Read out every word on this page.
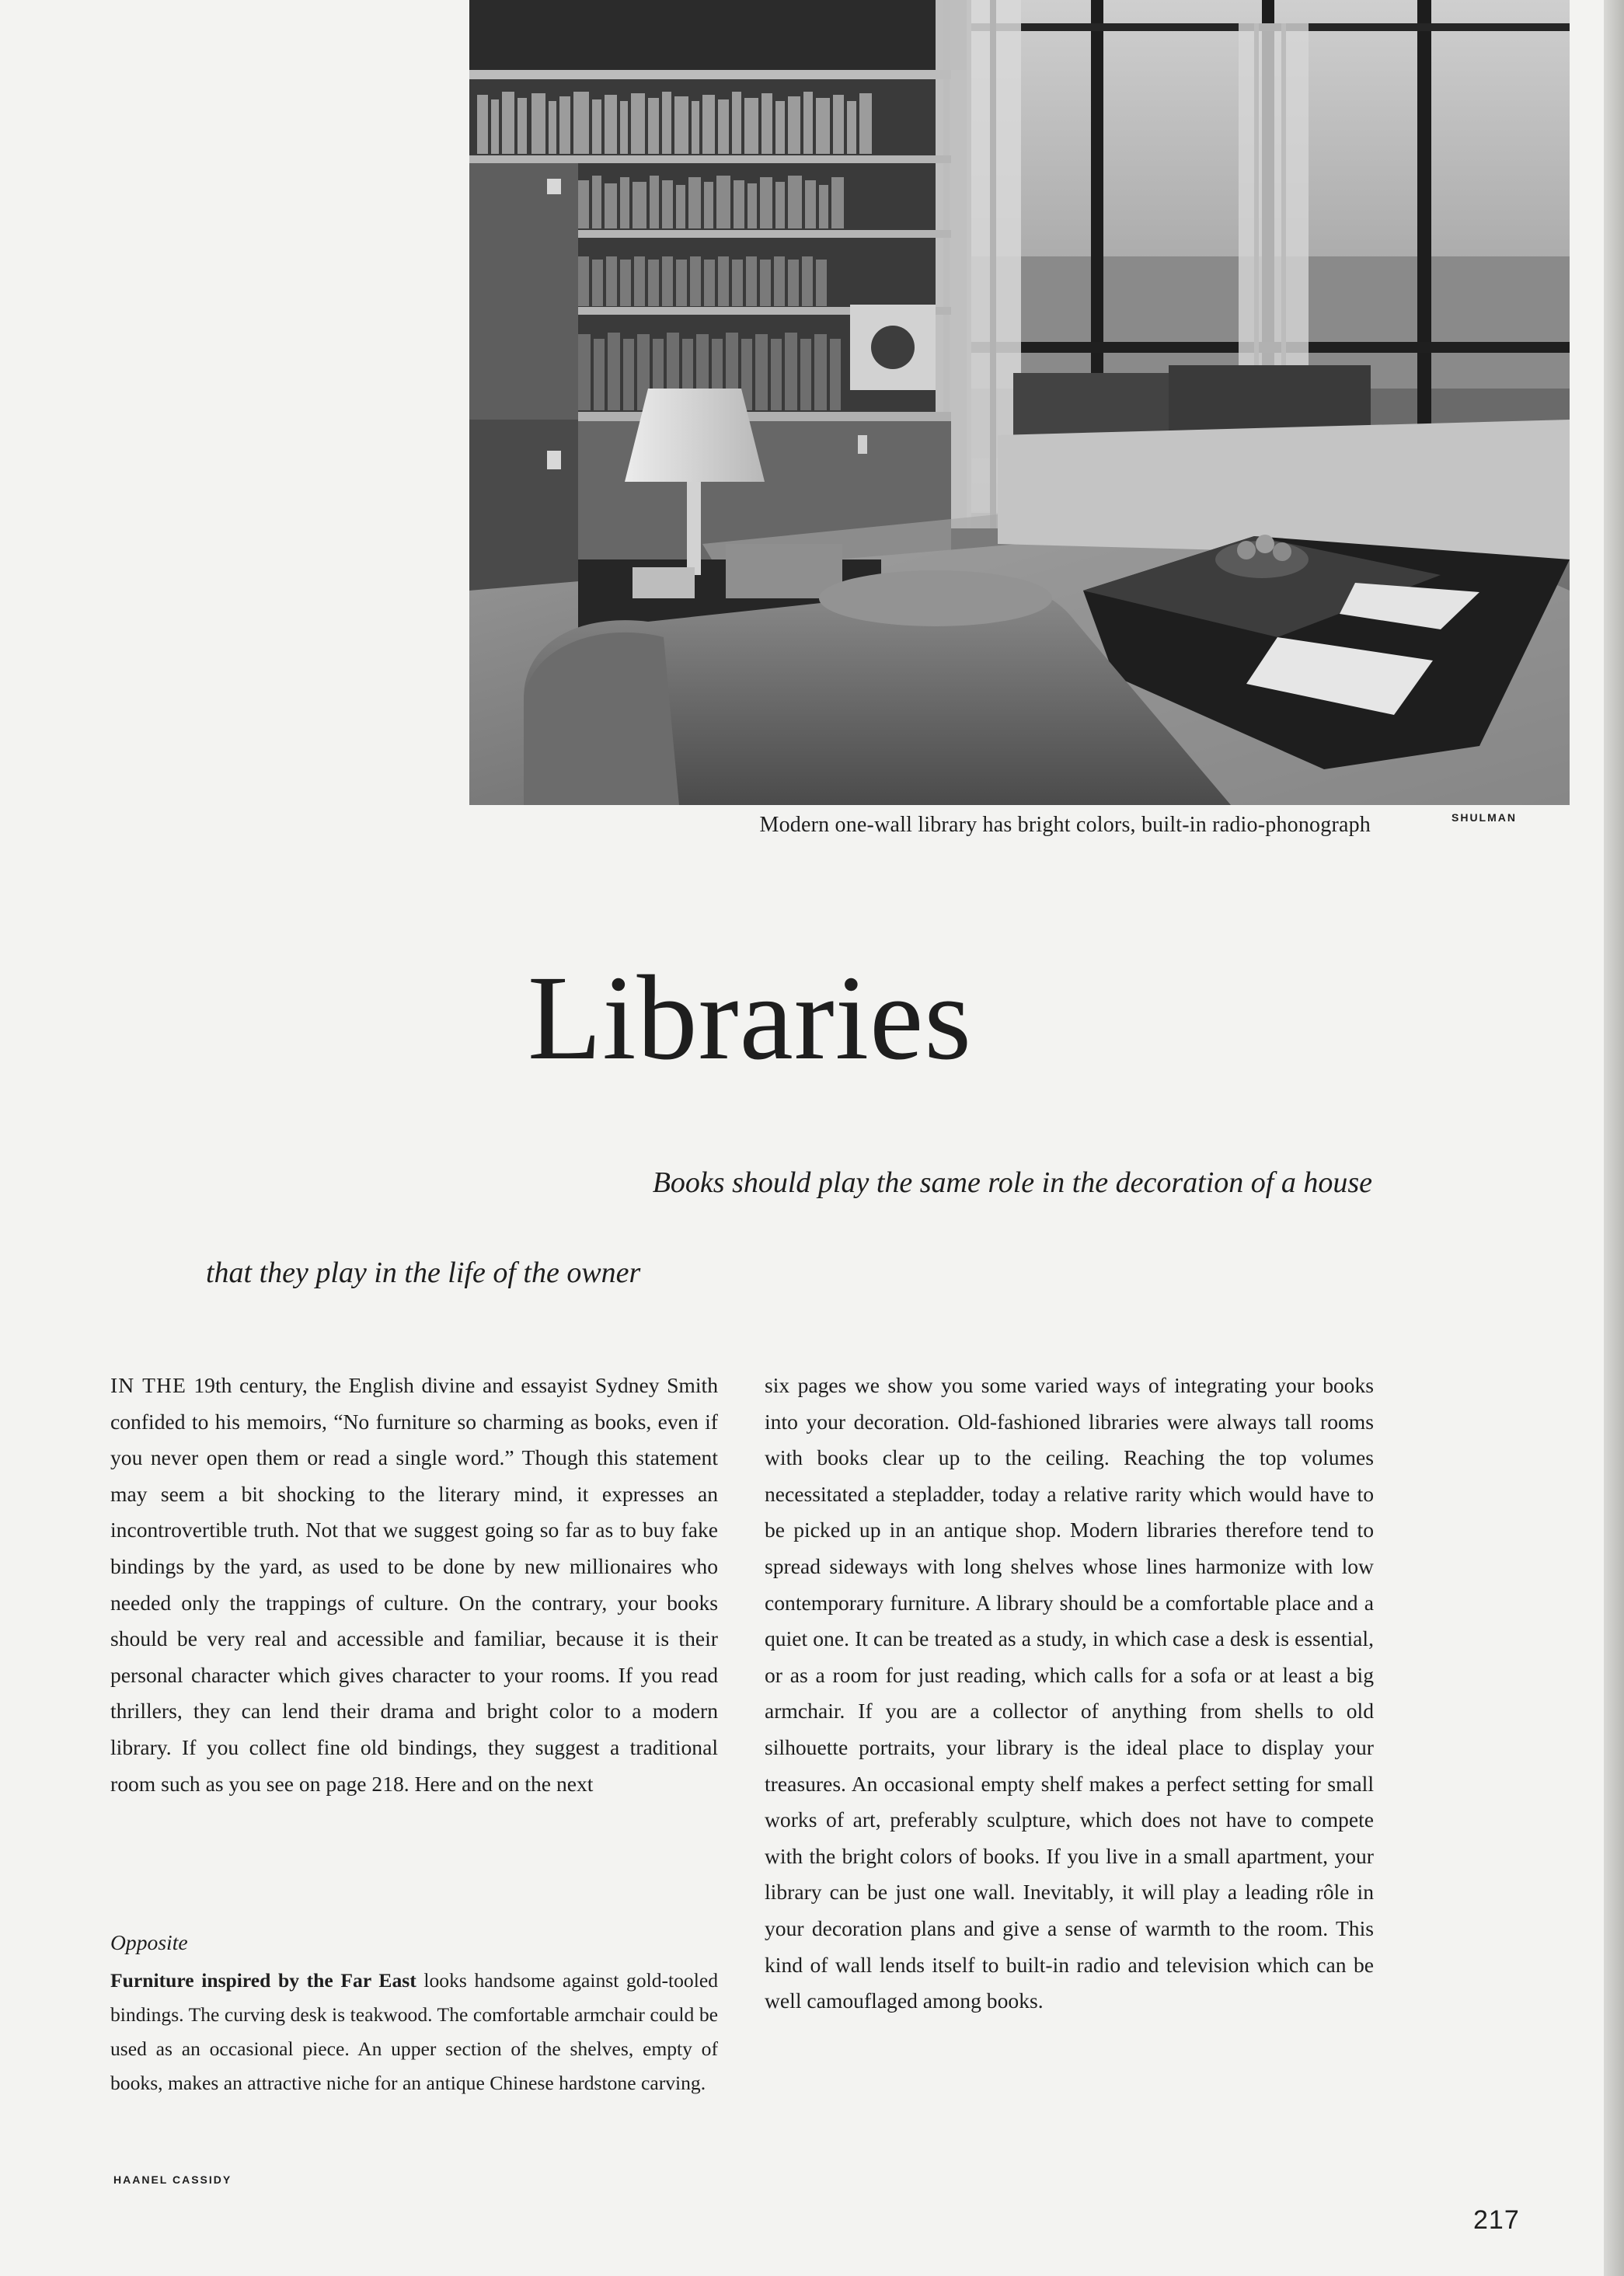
Modern one-wall library has bright colors, built-in radio-phonograph	SHULMAN
Libraries
Books should play the same role in the decoration of a house
that they play in the life of the owner

IN THE 19th century, the English divine and essayist Sydney Smith confided to his memoirs, “No furniture so charming as books, even if you never open them or read a single word.” Though this statement may seem a bit shocking to the literary mind, it expresses an incontrovertible truth. Not that we suggest going so far as to buy fake bindings by the yard, as used to be done by new millionaires who needed only the trappings of culture. On the contrary, your books should be very real and accessible and familiar, because it is their personal character which gives character to your rooms. If you read thrillers, they can lend their drama and bright color to a modern library. If you collect fine old bindings, they suggest a traditional room such as you see on page 218. Here and on the next

six pages we show you some varied ways of integrating your books into your decoration. Old-fashioned libraries were always tall rooms with books clear up to the ceiling. Reaching the top volumes necessitated a stepladder, today a relative rarity which would have to be picked up in an antique shop. Modern libraries therefore tend to spread sideways with long shelves whose lines harmonize with low contemporary furniture. A library should be a comfortable place and a quiet one. It can be treated as a study, in which case a desk is essential, or as a room for just reading, which calls for a sofa or at least a big armchair. If you are a collector of anything from shells to old silhouette portraits, your library is the ideal place to display your treasures. An occasional empty shelf makes a perfect setting for small works of art, preferably sculpture, which does not have to compete with the bright colors of books. If you live in a small apartment, your library can be just one wall. Inevitably, it will play a leading rôle in your decoration plans and give a sense of warmth to the room. This kind of wall lends itself to built-in radio and television which can be well camouflaged among books.

Opposite
Furniture inspired by the Far East looks handsome against gold-tooled bindings. The curving desk is teakwood. The comfortable armchair could be used as an occasional piece. An upper section of the shelves, empty of books, makes an attractive niche for an antique Chinese hardstone carving.
HAANEL CASSIDY
217
